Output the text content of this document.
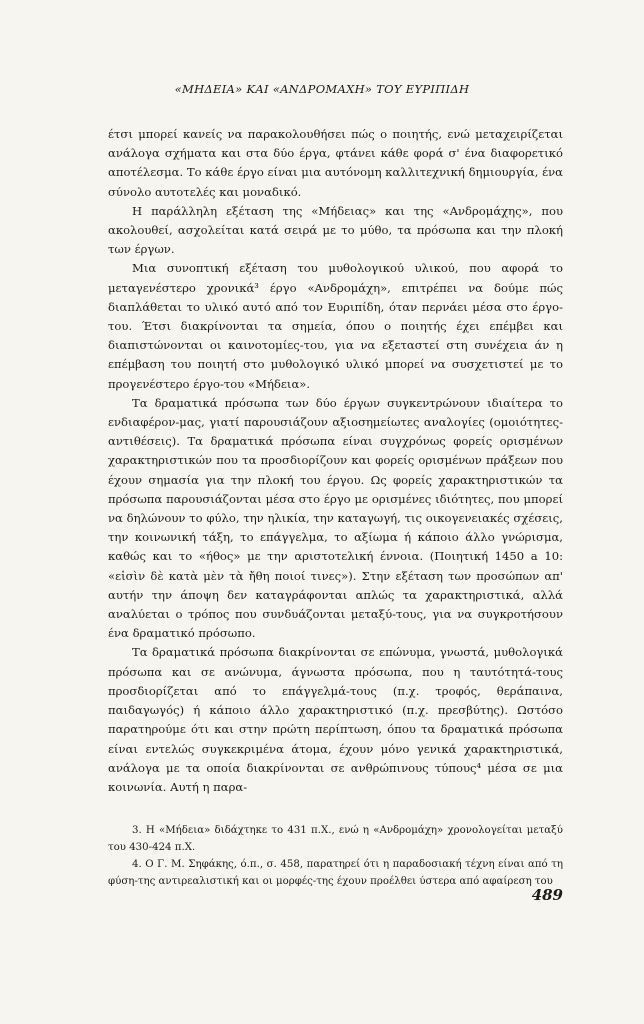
«ΜΗΔΕΙΑ» ΚΑΙ «ΑΝΔΡΟΜΑΧΗ» ΤΟΥ ΕΥΡΙΠΙΔΗ

έτσι μπορεί κανείς να παρακολουθήσει πώς ο ποιητής, ενώ μεταχειρίζεται ανάλογα σχήματα και στα δύο έργα, φτάνει κάθε φορά σ' ένα διαφορετικό αποτέλεσμα. Το κάθε έργο είναι μια αυτόνομη καλλιτεχνική δημιουργία, ένα σύνολο αυτοτελές και μοναδικό.

Η παράλληλη εξέταση της «Μήδειας» και της «Ανδρομάχης», που ακολουθεί, ασχολείται κατά σειρά με το μύθο, τα πρόσωπα και την πλοκή των έργων.

Μια συνοπτική εξέταση του μυθολογικού υλικού, που αφορά το μεταγενέστερο χρονικά³ έργο «Ανδρομάχη», επιτρέπει να δούμε πώς διαπλάθεται το υλικό αυτό από τον Ευριπίδη, όταν περνάει μέσα στο έργο-του. Έτσι διακρίνονται τα σημεία, όπου ο ποιητής έχει επέμβει και διαπιστώνονται οι καινοτομίες-του, για να εξεταστεί στη συνέχεια άν η επέμβαση του ποιητή στο μυθολογικό υλικό μπορεί να συσχετιστεί με το προγενέστερο έργο-του «Μήδεια».

Τα δραματικά πρόσωπα των δύο έργων συγκεντρώνουν ιδιαίτερα το ενδιαφέρον-μας, γιατί παρουσιάζουν αξιοσημείωτες αναλογίες (ομοιότητες-αντιθέσεις). Τα δραματικά πρόσωπα είναι συγχρόνως φορείς ορισμένων χαρακτηριστικών που τα προσδιορίζουν και φορείς ορισμένων πράξεων που έχουν σημασία για την πλοκή του έργου. Ως φορείς χαρακτηριστικών τα πρόσωπα παρουσιάζονται μέσα στο έργο με ορισμένες ιδιότητες, που μπορεί να δηλώνουν το φύλο, την ηλικία, την καταγωγή, τις οικογενειακές σχέσεις, την κοινωνική τάξη, το επάγγελμα, το αξίωμα ή κάποιο άλλο γνώρισμα, καθώς και το «ήθος» με την αριστοτελική έννοια. (Ποιητική 1450 a 10: «εἰσὶν δὲ κατὰ μὲν τὰ ἤθη ποιοί τινες»). Στην εξέταση των προσώπων απ' αυτήν την άποψη δεν καταγράφονται απλώς τα χαρακτηριστικά, αλλά αναλύεται ο τρόπος που συνδυάζονται μεταξύ-τους, για να συγκροτήσουν ένα δραματικό πρόσωπο.

Τα δραματικά πρόσωπα διακρίνονται σε επώνυμα, γνωστά, μυθολογικά πρόσωπα και σε ανώνυμα, άγνωστα πρόσωπα, που η ταυτότητά-τους προσδιορίζεται από το επάγγελμά-τους (π.χ. τροφός, θεράπαινα, παιδαγωγός) ή κάποιο άλλο χαρακτηριστικό (π.χ. πρεσβύτης). Ωστόσο παρατηρούμε ότι και στην πρώτη περίπτωση, όπου τα δραματικά πρόσωπα είναι εντελώς συγκεκριμένα άτομα, έχουν μόνο γενικά χαρακτηριστικά, ανάλογα με τα οποία διακρίνονται σε ανθρώπινους τύπους⁴ μέσα σε μια κοινωνία. Αυτή η παρα-

3. Η «Μήδεια» διδάχτηκε το 431 π.Χ., ενώ η «Ανδρομάχη» χρονολογείται μεταξύ του 430-424 π.Χ.

4. Ο Γ. Μ. Σηφάκης, ό.π., σ. 458, παρατηρεί ότι η παραδοσιακή τέχνη είναι από τη φύση-της αντιρεαλιστική και οι μορφές-της έχουν προέλθει ύστερα από αφαίρεση του

489
